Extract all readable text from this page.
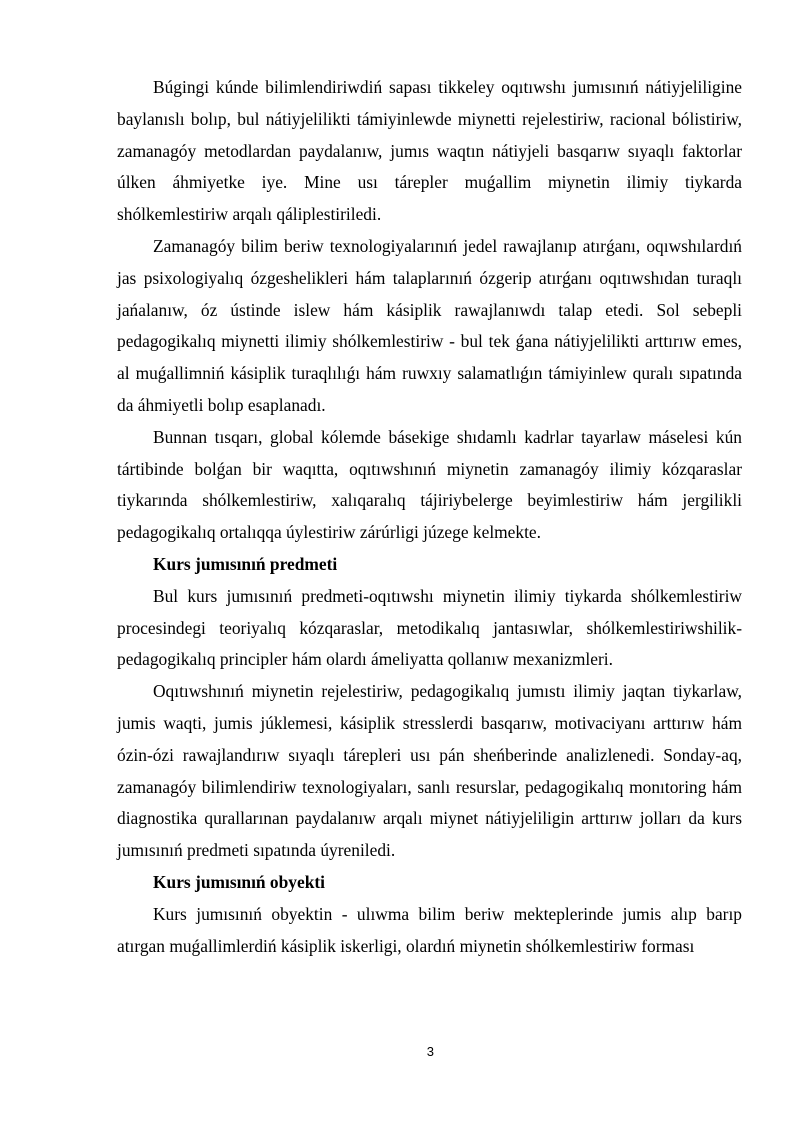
Búgingi kúnde bilimlendiriwdiń sapası tikkeley oqıtıwshı jumısınıń nátiyjeliligine baylanıslı bolıp, bul nátiyjelilikti támiyinlewde miynetti rejelestiriw, racional bólistiriw, zamanagóy metodlardan paydalanıw, jumıs waqtın nátiyjeli basqarıw sıyaqlı faktorlar úlken áhmiyetke iye. Mine usı tárepler muǵallim miynetin ilimiy tiykarda shólkemlestiriw arqalı qáliplestiriledi.

Zamanagóy bilim beriw texnologiyalarınıń jedel rawajlanıp atırǵanı, oqıwshılardıń jas psixologiyalıq ózgeshelikleri hám talaplarınıń ózgerip atırǵanı oqıtıwshıdan turaqlı jańalanıw, óz ústinde islew hám kásiplik rawajlanıwdı talap etedi. Sol sebepli pedagogikalıq miynetti ilimiy shólkemlestiriw - bul tek ǵana nátiyjelilikti arttırıw emes, al muǵallimniń kásiplik turaqlılıǵı hám ruwxıy salamatlıǵın támiyinlew quralı sıpatında da áhmiyetli bolıp esaplanadı.

Bunnan tısqarı, global kólemde básekige shıdamlı kadrlar tayarlaw máselesi kún tártibinde bolǵan bir waqıtta, oqıtıwshınıń miynetin zamanagóy ilimiy kózqaraslar tiykarında shólkemlestiriw, xalıqaralıq tájiriybelerge beyimlestiriw hám jergilikli pedagogikalıq ortalıqqa úylestiriw zárúrligi júzege kelmekte.

Kurs jumısınıń predmeti

Bul kurs jumısınıń predmeti-oqıtıwshı miynetin ilimiy tiykarda shólkemlestiriw procesindegi teoriyalıq kózqaraslar, metodikalıq jantasıwlar, shólkemlestiriwshilik-pedagogikalıq principler hám olardı ámeliyatta qollanıw mexanizmleri.

Oqıtıwshınıń miynetin rejelestiriw, pedagogikalıq jumıstı ilimiy jaqtan tiykarlaw, jumis waqti, jumis júklemesi, kásiplik stresslerdi basqarıw, motivaciyanı arttırıw hám ózin-ózi rawajlandırıw sıyaqlı tárepleri usı pán sheńberinde analizlenedi. Sonday-aq, zamanagóy bilimlendiriw texnologiyaları, sanlı resurslar, pedagogikalıq monıtoring hám diagnostika qurallarınan paydalanıw arqalı miynet nátiyjeliligin arttırıw jolları da kurs jumısınıń predmeti sıpatında úyreniledi.

Kurs jumısınıń obyekti

Kurs jumısınıń obyektin - ulıwma bilim beriw mekteplerinde jumis alıp barıp atırgan muǵallimlerdiń kásiplik iskerligi, olardıń miynetin shólkemlestiriw forması

3
